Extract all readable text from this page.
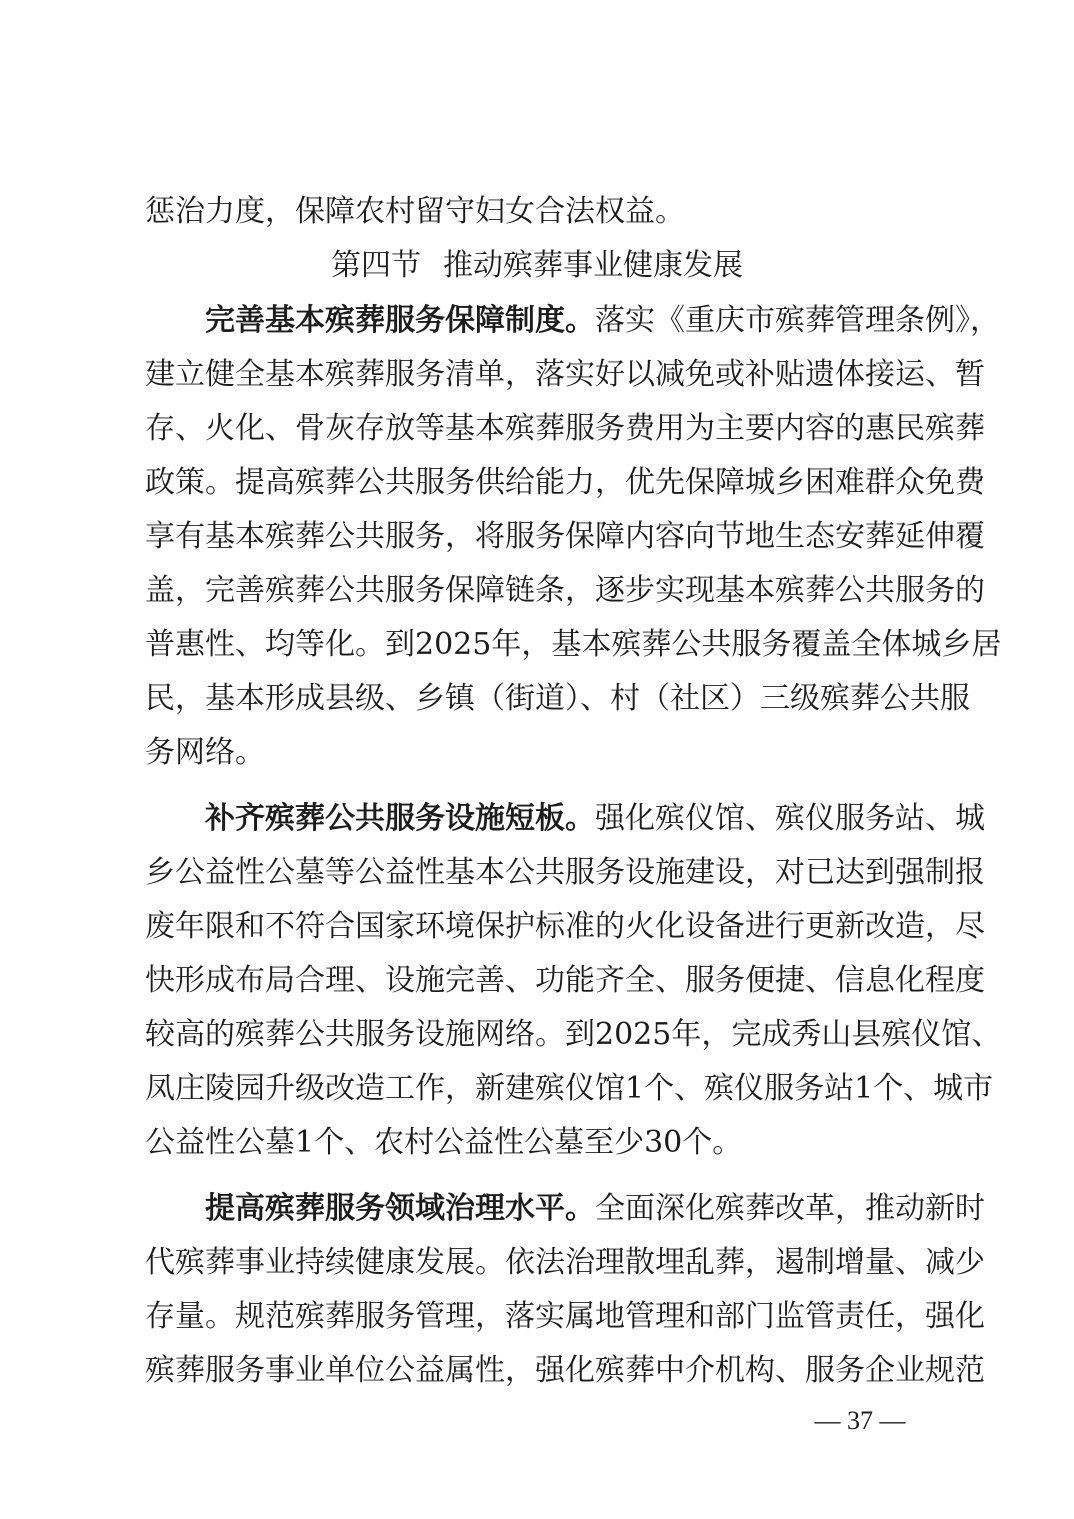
惩治力度，保障农村留守妇女合法权益。
第四节 推动殡葬事业健康发展
完善基本殡葬服务保障制度。落实《重庆市殡葬管理条例》，
建立健全基本殡葬服务清单，落实好以减免或补贴遗体接运、暂
存、火化、骨灰存放等基本殡葬服务费用为主要内容的惠民殡葬
政策。提高殡葬公共服务供给能力，优先保障城乡困难群众免费
享有基本殡葬公共服务，将服务保障内容向节地生态安葬延伸覆
盖，完善殡葬公共服务保障链条，逐步实现基本殡葬公共服务的
普惠性、均等化。到2025年，基本殡葬公共服务覆盖全体城乡居
民，基本形成县级、乡镇（街道）、村（社区）三级殡葬公共服
务网络。
补齐殡葬公共服务设施短板。强化殡仪馆、殡仪服务站、城
乡公益性公墓等公益性基本公共服务设施建设，对已达到强制报
废年限和不符合国家环境保护标准的火化设备进行更新改造，尽
快形成布局合理、设施完善、功能齐全、服务便捷、信息化程度
较高的殡葬公共服务设施网络。到2025年，完成秀山县殡仪馆、
凤庄陵园升级改造工作，新建殡仪馆1个、殡仪服务站1个、城市
公益性公墓1个、农村公益性公墓至少30个。
提高殡葬服务领域治理水平。全面深化殡葬改革，推动新时
代殡葬事业持续健康发展。依法治理散埋乱葬，遏制增量、减少
存量。规范殡葬服务管理，落实属地管理和部门监管责任，强化
殡葬服务事业单位公益属性，强化殡葬中介机构、服务企业规范
— 37 —
